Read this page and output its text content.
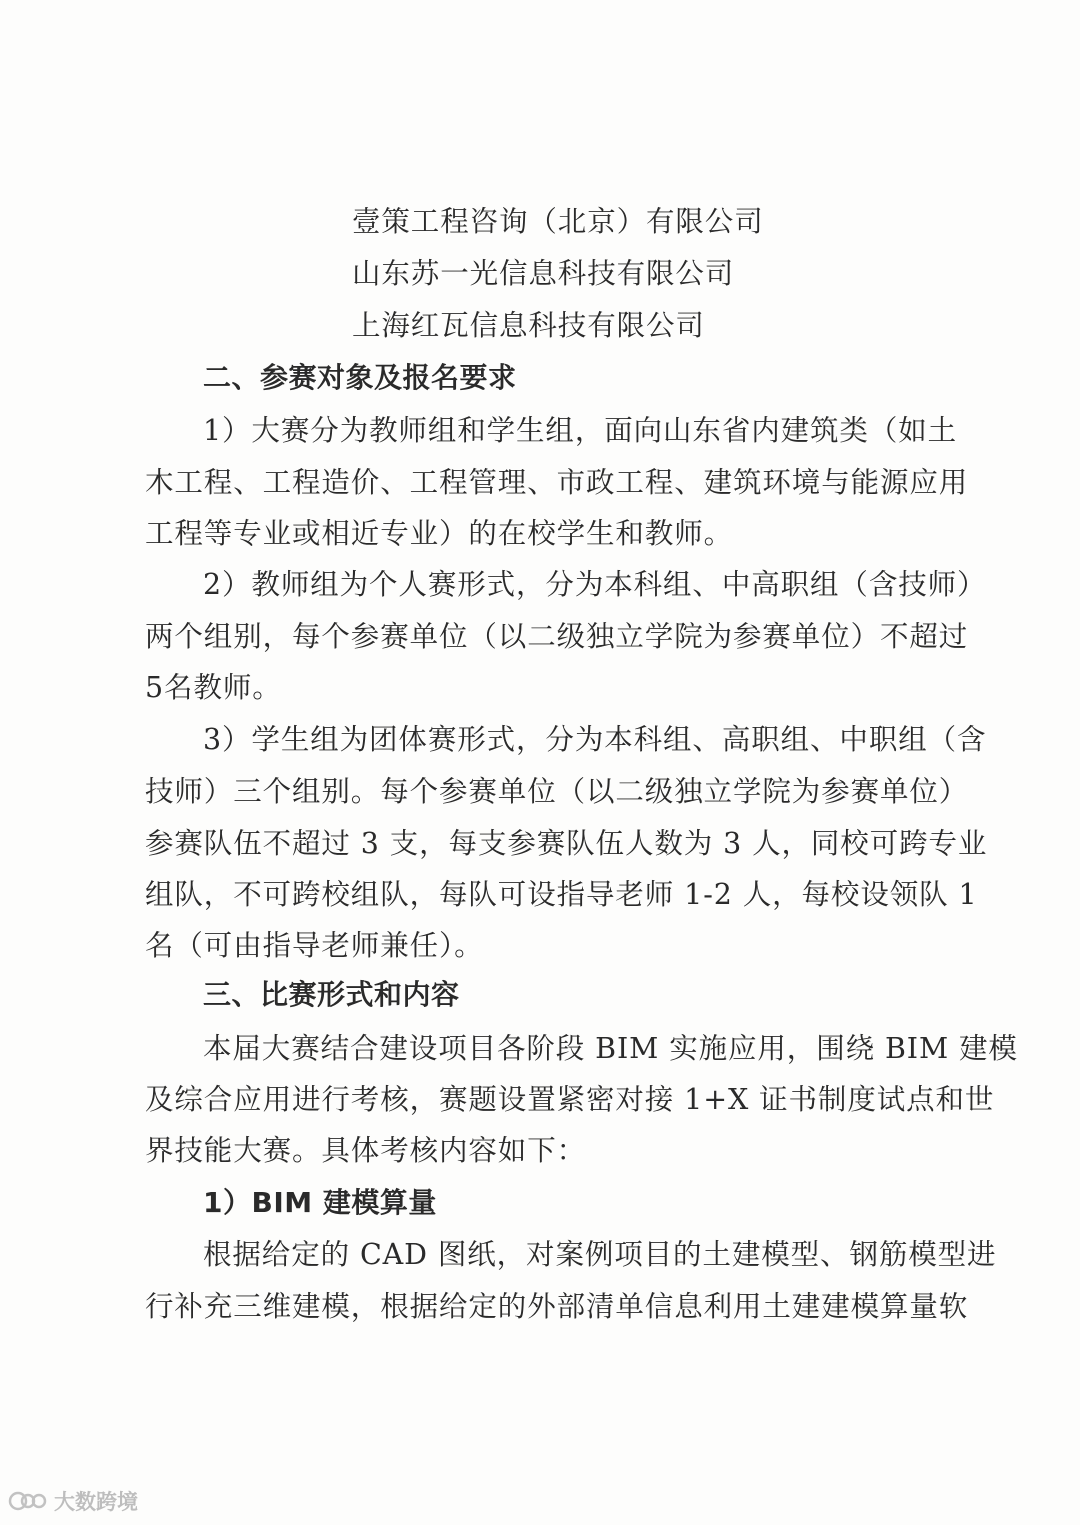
壹策工程咨询（北京）有限公司
山东苏一光信息科技有限公司
上海红瓦信息科技有限公司
二、参赛对象及报名要求
1）大赛分为教师组和学生组，面向山东省内建筑类（如土
木工程、工程造价、工程管理、市政工程、建筑环境与能源应用
工程等专业或相近专业）的在校学生和教师。
2）教师组为个人赛形式，分为本科组、中高职组（含技师）
两个组别，每个参赛单位（以二级独立学院为参赛单位）不超过
5名教师。
3）学生组为团体赛形式，分为本科组、高职组、中职组（含
技师）三个组别。每个参赛单位（以二级独立学院为参赛单位）
参赛队伍不超过 3 支，每支参赛队伍人数为 3 人，同校可跨专业
组队，不可跨校组队，每队可设指导老师 1-2 人，每校设领队 1
名（可由指导老师兼任）。
三、比赛形式和内容
本届大赛结合建设项目各阶段 BIM 实施应用，围绕 BIM 建模
及综合应用进行考核，赛题设置紧密对接 1+X 证书制度试点和世
界技能大赛。具体考核内容如下：
1）BIM 建模算量
根据给定的 CAD 图纸，对案例项目的土建模型、钢筋模型进
行补充三维建模，根据给定的外部清单信息利用土建建模算量软
大数跨境
